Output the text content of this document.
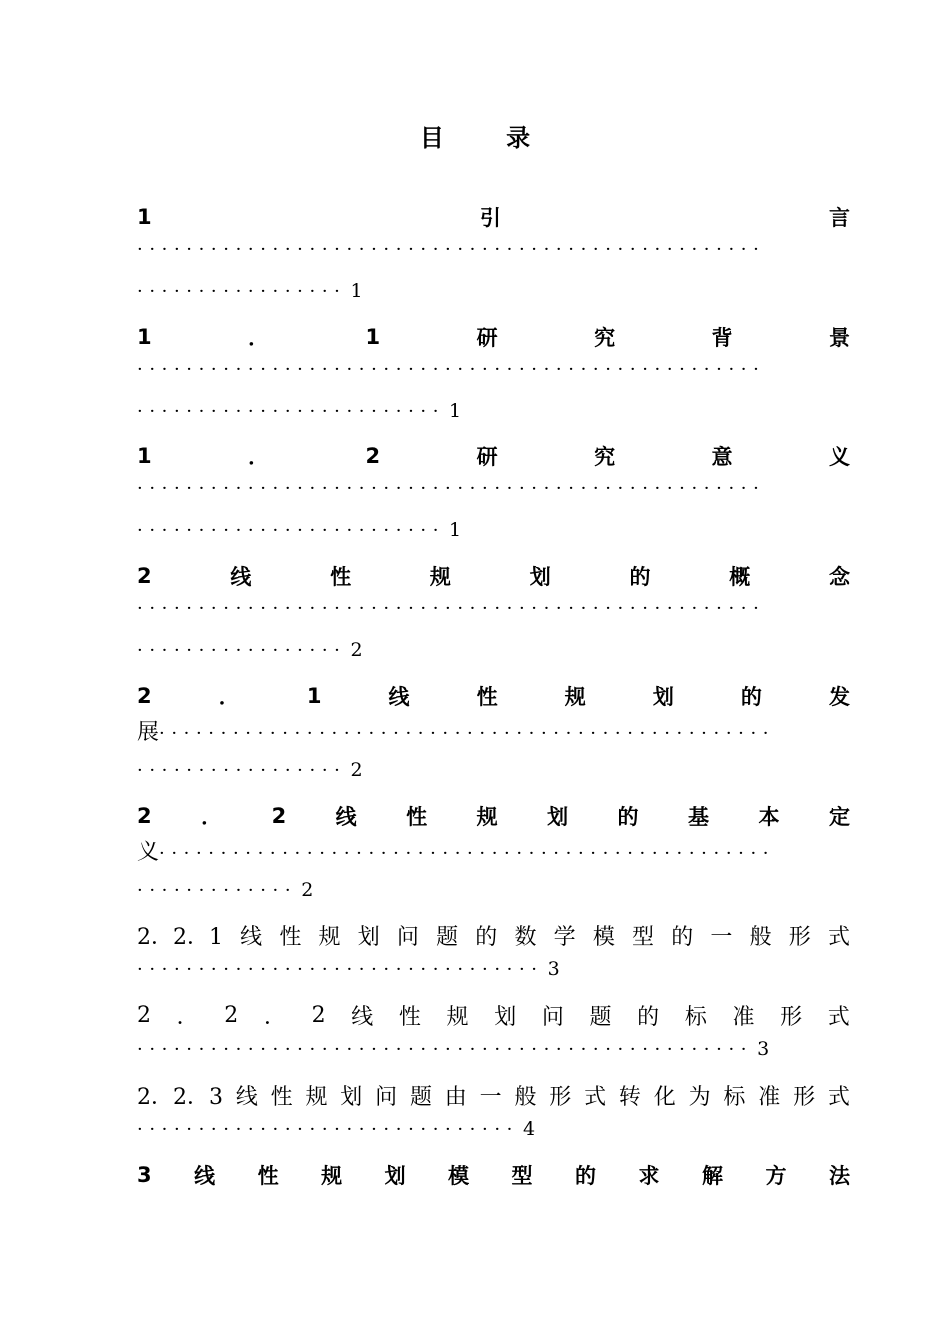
目	录
1	引	言
···················································
················· 1
1	．	1	研	究	背	景
···················································
························· 1
1	．	2	研	究	意	义
···················································
························· 1
2	线	性	规	划	的	概	念
···················································
················· 2
2	．	1	线	性	规	划	的	发
展··················································
················· 2
2 ． 2 线 性 规 划 的 基 本 定
义··················································
············· 2
2．2．1 线 性 规 划 问 题 的 数 学 模 型 的 一 般 形 式
································· 3
2 ． 2 ． 2 线 性 规 划 问 题 的 标 准 形 式
·················································· 3
2．2．3 线 性 规 划 问 题 由 一 般 形 式 转 化 为 标 准 形 式
······························· 4
3 线 性 规 划 模 型 的 求 解 方 法
